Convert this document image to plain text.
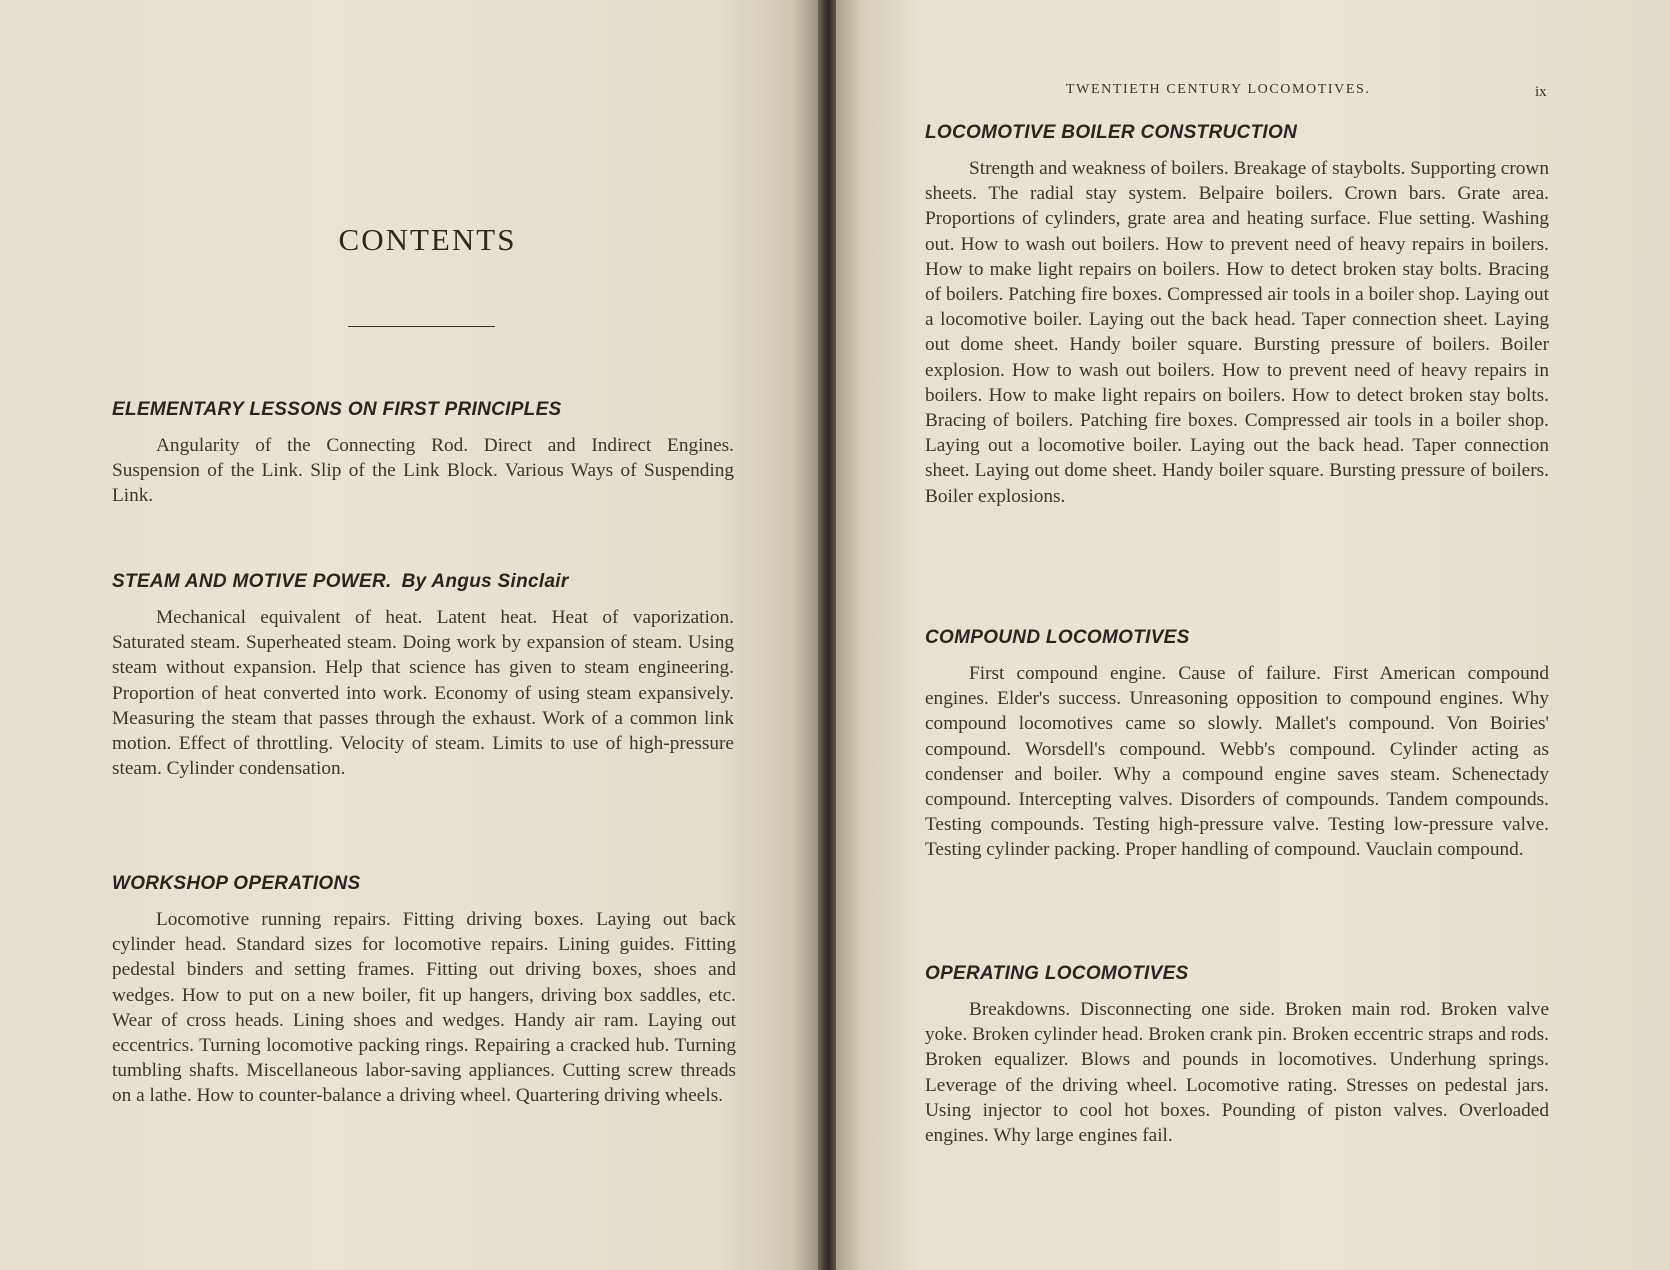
CONTENTS
ELEMENTARY LESSONS ON FIRST PRINCIPLES

Angularity of the Connecting Rod. Direct and Indirect Engines. Suspension of the Link. Slip of the Link Block. Various Ways of Suspending Link.

STEAM AND MOTIVE POWER. By Angus Sinclair

Mechanical equivalent of heat. Latent heat. Heat of vaporization. Saturated steam. Superheated steam. Doing work by expansion of steam. Using steam without expansion. Help that science has given to steam engineering. Proportion of heat converted into work. Economy of using steam expansively. Measuring the steam that passes through the exhaust. Work of a common link motion. Effect of throttling. Velocity of steam. Limits to use of high-pressure steam. Cylinder condensation.

WORKSHOP OPERATIONS

Locomotive running repairs. Fitting driving boxes. Laying out back cylinder head. Standard sizes for locomotive repairs. Lining guides. Fitting pedestal binders and setting frames. Fitting out driving boxes, shoes and wedges. How to put on a new boiler, fit up hangers, driving box saddles, etc. Wear of cross heads. Lining shoes and wedges. Handy air ram. Laying out eccentrics. Turning locomotive packing rings. Repairing a cracked hub. Turning tumbling shafts. Miscellaneous labor-saving appliances. Cutting screw threads on a lathe. How to counter-balance a driving wheel. Quartering driving wheels.

TWENTIETH CENTURY LOCOMOTIVES.	ix
LOCOMOTIVE BOILER CONSTRUCTION

Strength and weakness of boilers. Breakage of staybolts. Supporting crown sheets. The radial stay system. Belpaire boilers. Crown bars. Grate area. Proportions of cylinders, grate area and heating surface. Flue setting. Washing out. How to wash out boilers. How to prevent need of heavy repairs in boilers. How to make light repairs on boilers. How to detect broken stay bolts. Bracing of boilers. Patching fire boxes. Compressed air tools in a boiler shop. Laying out a locomotive boiler. Laying out the back head. Taper connection sheet. Laying out dome sheet. Handy boiler square. Bursting pressure of boilers. Boiler explosion. How to wash out boilers. How to prevent need of heavy repairs in boilers. How to make light repairs on boilers. How to detect broken stay bolts. Bracing of boilers. Patching fire boxes. Compressed air tools in a boiler shop. Laying out a locomotive boiler. Laying out the back head. Taper connection sheet. Laying out dome sheet. Handy boiler square. Bursting pressure of boilers. Boiler explosions.

COMPOUND LOCOMOTIVES

First compound engine. Cause of failure. First American compound engines. Elder's success. Unreasoning opposition to compound engines. Why compound locomotives came so slowly. Mallet's compound. Von Boiries' compound. Worsdell's compound. Webb's compound. Cylinder acting as condenser and boiler. Why a compound engine saves steam. Schenectady compound. Intercepting valves. Disorders of compounds. Tandem compounds. Testing compounds. Testing high-pressure valve. Testing low-pressure valve. Testing cylinder packing. Proper handling of compound. Vauclain compound.

OPERATING LOCOMOTIVES

Breakdowns. Disconnecting one side. Broken main rod. Broken valve yoke. Broken cylinder head. Broken crank pin. Broken eccentric straps and rods. Broken equalizer. Blows and pounds in locomotives. Underhung springs. Leverage of the driving wheel. Locomotive rating. Stresses on pedestal jars. Using injector to cool hot boxes. Pounding of piston valves. Overloaded engines. Why large engines fail.
